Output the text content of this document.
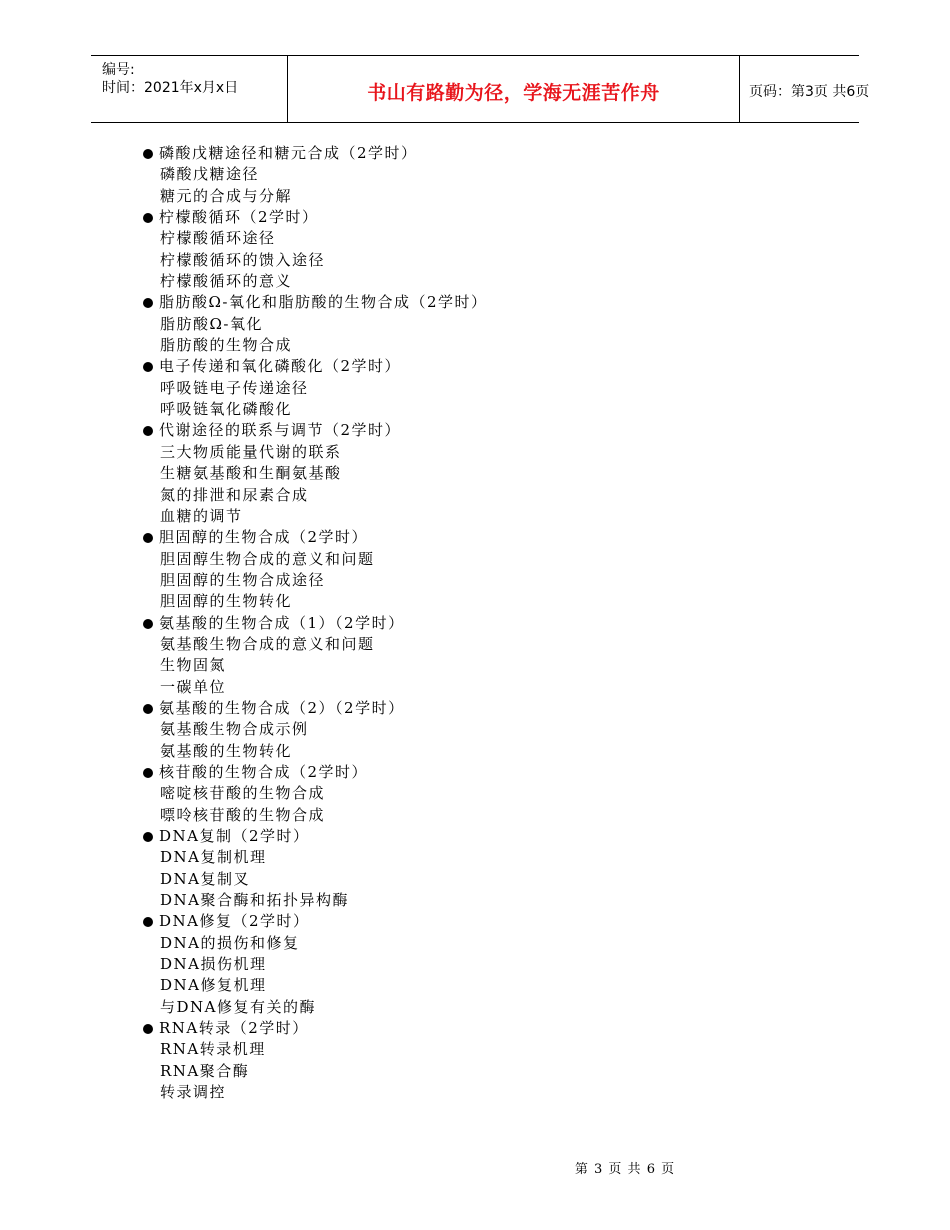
编号:
时间：2021年x月x日	书山有路勤为径，学海无涯苦作舟	页码：第3页 共6页
磷酸戊糖途径和糖元合成（2学时）
磷酸戊糖途径
糖元的合成与分解
柠檬酸循环（2学时）
柠檬酸循环途径
柠檬酸循环的馈入途径
柠檬酸循环的意义
脂肪酸Ω-氧化和脂肪酸的生物合成（2学时）
脂肪酸Ω-氧化
脂肪酸的生物合成
电子传递和氧化磷酸化（2学时）
呼吸链电子传递途径
呼吸链氧化磷酸化
代谢途径的联系与调节（2学时）
三大物质能量代谢的联系
生糖氨基酸和生酮氨基酸
氮的排泄和尿素合成
血糖的调节
胆固醇的生物合成（2学时）
胆固醇生物合成的意义和问题
胆固醇的生物合成途径
胆固醇的生物转化
氨基酸的生物合成（1）（2学时）
氨基酸生物合成的意义和问题
生物固氮
一碳单位
氨基酸的生物合成（2）（2学时）
氨基酸生物合成示例
氨基酸的生物转化
核苷酸的生物合成（2学时）
嘧啶核苷酸的生物合成
嘌呤核苷酸的生物合成
DNA复制（2学时）
DNA复制机理
DNA复制叉
DNA聚合酶和拓扑异构酶
DNA修复（2学时）
DNA的损伤和修复
DNA损伤机理
DNA修复机理
与DNA修复有关的酶
RNA转录（2学时）
RNA转录机理
RNA聚合酶
转录调控
第 3 页 共 6 页
